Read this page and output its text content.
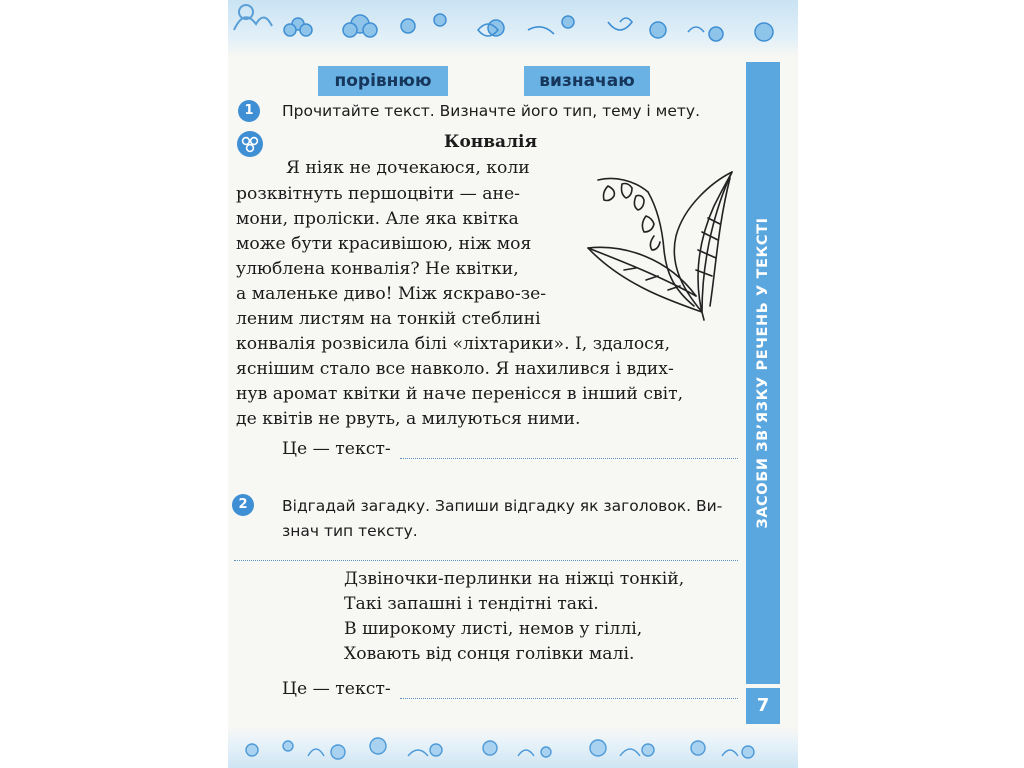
порівнюю	визначаю
1	Прочитайте текст. Визначте його тип, тему і мету.
Конвалія
Я ніяк не дочекаюся, коли
розквітнуть першоцвіти — ане-
мони, проліски. Але яка квітка
може бути красивішою, ніж моя
улюблена конвалія? Не квітки,
а маленьке диво! Між яскраво-зе-
леним листям на тонкій стеблині
конвалія розвісила білі «ліхтарики». І, здалося,
яснішим стало все навколо. Я нахилився і вдих-
нув аромат квітки й наче перенісся в інший світ,
де квітів не рвуть, а милуються ними.
Це — текст-
2	Відгадай загадку. Запиши відгадку як заголовок. Ви-
знач тип тексту.
Дзвіночки-перлинки на ніжці тонкій,
Такі запашні і тендітні такі.
В широкому листі, немов у гіллі,
Ховають від сонця голівки малі.
Це — текст-
ЗАСОБИ ЗВ’ЯЗКУ РЕЧЕНЬ У ТЕКСТІ
7
